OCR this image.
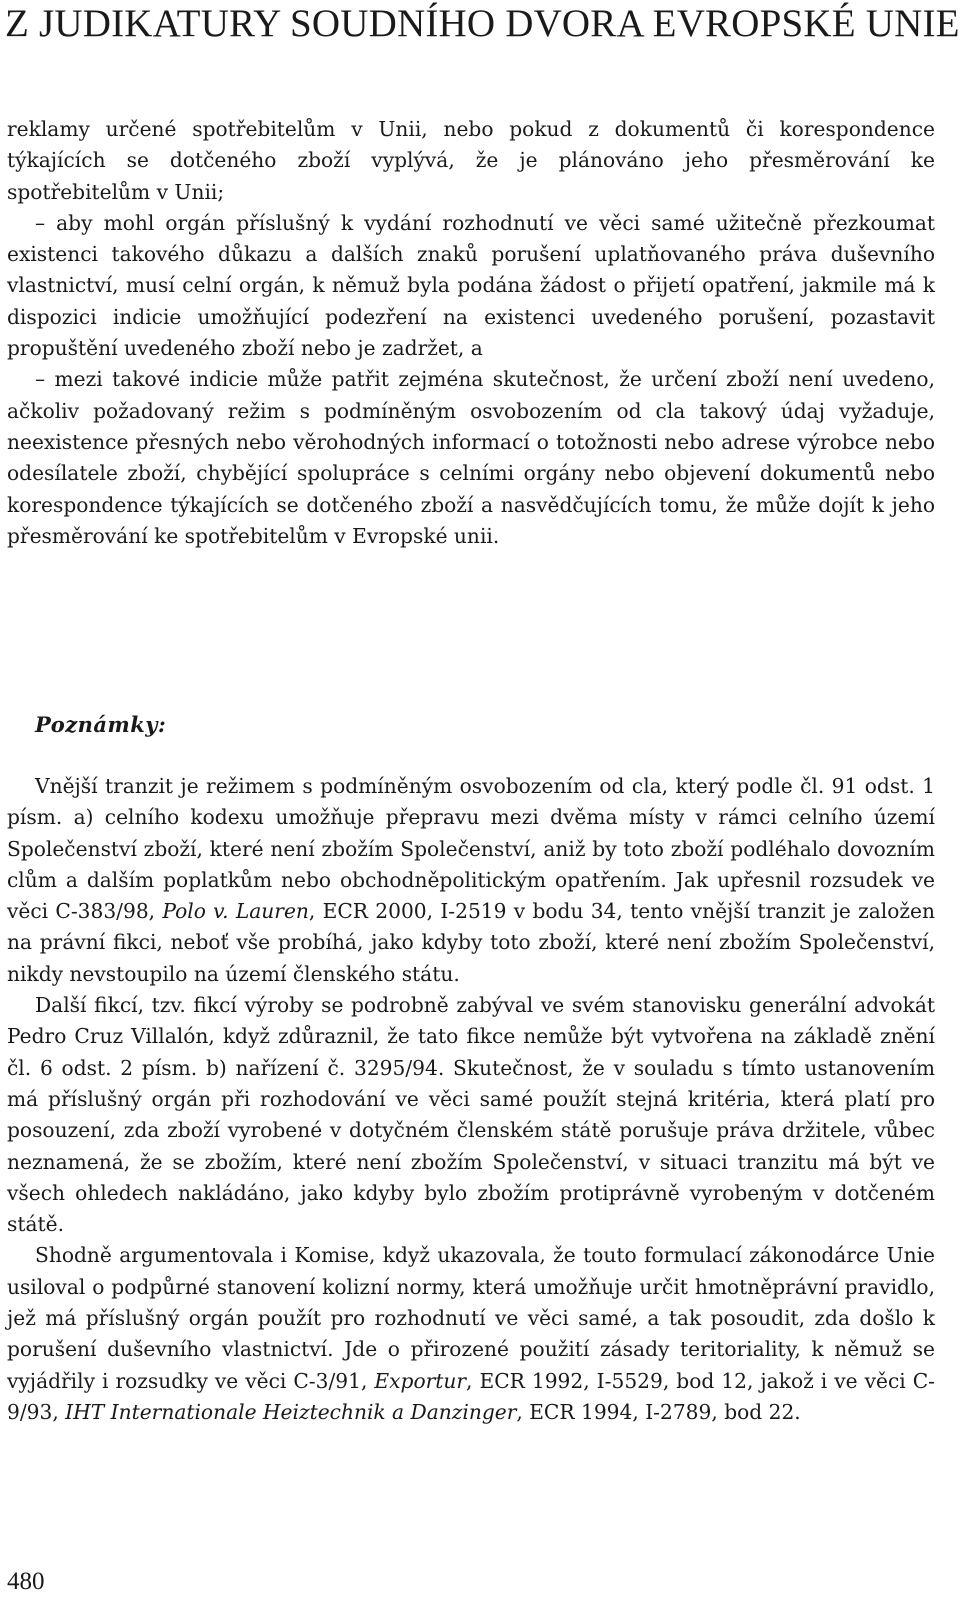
Z JUDIKATURY SOUDNÍHO DVORA EVROPSKÉ UNIE

reklamy určené spotřebitelům v Unii, nebo pokud z dokumentů či korespondence týkajících se dotčeného zboží vyplývá, že je plánováno jeho přesměrování ke spotřebitelům v Unii;

– aby mohl orgán příslušný k vydání rozhodnutí ve věci samé užitečně přezkoumat existenci takového důkazu a dalších znaků porušení uplatňovaného práva duševního vlastnictví, musí celní orgán, k němuž byla podána žádost o přijetí opatření, jakmile má k dispozici indicie umožňující podezření na existenci uvedeného porušení, pozastavit propuštění uvedeného zboží nebo je zadržet, a

– mezi takové indicie může patřit zejména skutečnost, že určení zboží není uvedeno, ačkoliv požadovaný režim s podmíněným osvobozením od cla takový údaj vyžaduje, neexistence přesných nebo věrohodných informací o totožnosti nebo adrese výrobce nebo odesílatele zboží, chybějící spolupráce s celními orgány nebo objevení dokumentů nebo korespondence týkajících se dotčeného zboží a nasvědčujících tomu, že může dojít k jeho přesměrování ke spotřebitelům v Evropské unii.

Poznámky:

Vnější tranzit je režimem s podmíněným osvobozením od cla, který podle čl. 91 odst. 1 písm. a) celního kodexu umožňuje přepravu mezi dvěma místy v rámci celního území Společenství zboží, které není zbožím Společenství, aniž by toto zboží podléhalo dovozním clům a dalším poplatkům nebo obchodněpolitickým opatřením. Jak upřesnil rozsudek ve věci C-383/98, Polo v. Lauren, ECR 2000, I-2519 v bodu 34, tento vnější tranzit je založen na právní fikci, neboť vše probíhá, jako kdyby toto zboží, které není zbožím Společenství, nikdy nevstoupilo na území členského státu.

Další fikcí, tzv. fikcí výroby se podrobně zabýval ve svém stanovisku generální advokát Pedro Cruz Villalón, když zdůraznil, že tato fikce nemůže být vytvořena na základě znění čl. 6 odst. 2 písm. b) nařízení č. 3295/94. Skutečnost, že v souladu s tímto ustanovením má příslušný orgán při rozhodování ve věci samé použít stejná kritéria, která platí pro posouzení, zda zboží vyrobené v dotyčném členském státě porušuje práva držitele, vůbec neznamená, že se zbožím, které není zbožím Společenství, v situaci tranzitu má být ve všech ohledech nakládáno, jako kdyby bylo zbožím protiprávně vyrobeným v dotčeném státě.

Shodně argumentovala i Komise, když ukazovala, že touto formulací zákonodárce Unie usiloval o podpůrné stanovení kolizní normy, která umožňuje určit hmotněprávní pravidlo, jež má příslušný orgán použít pro rozhodnutí ve věci samé, a tak posoudit, zda došlo k porušení duševního vlastnictví. Jde o přirozené použití zásady teritoriality, k němuž se vyjádřily i rozsudky ve věci C-3/91, Exportur, ECR 1992, I-5529, bod 12, jakož i ve věci C-9/93, IHT Internationale Heiztechnik a Danzinger, ECR 1994, I-2789, bod 22.

480
